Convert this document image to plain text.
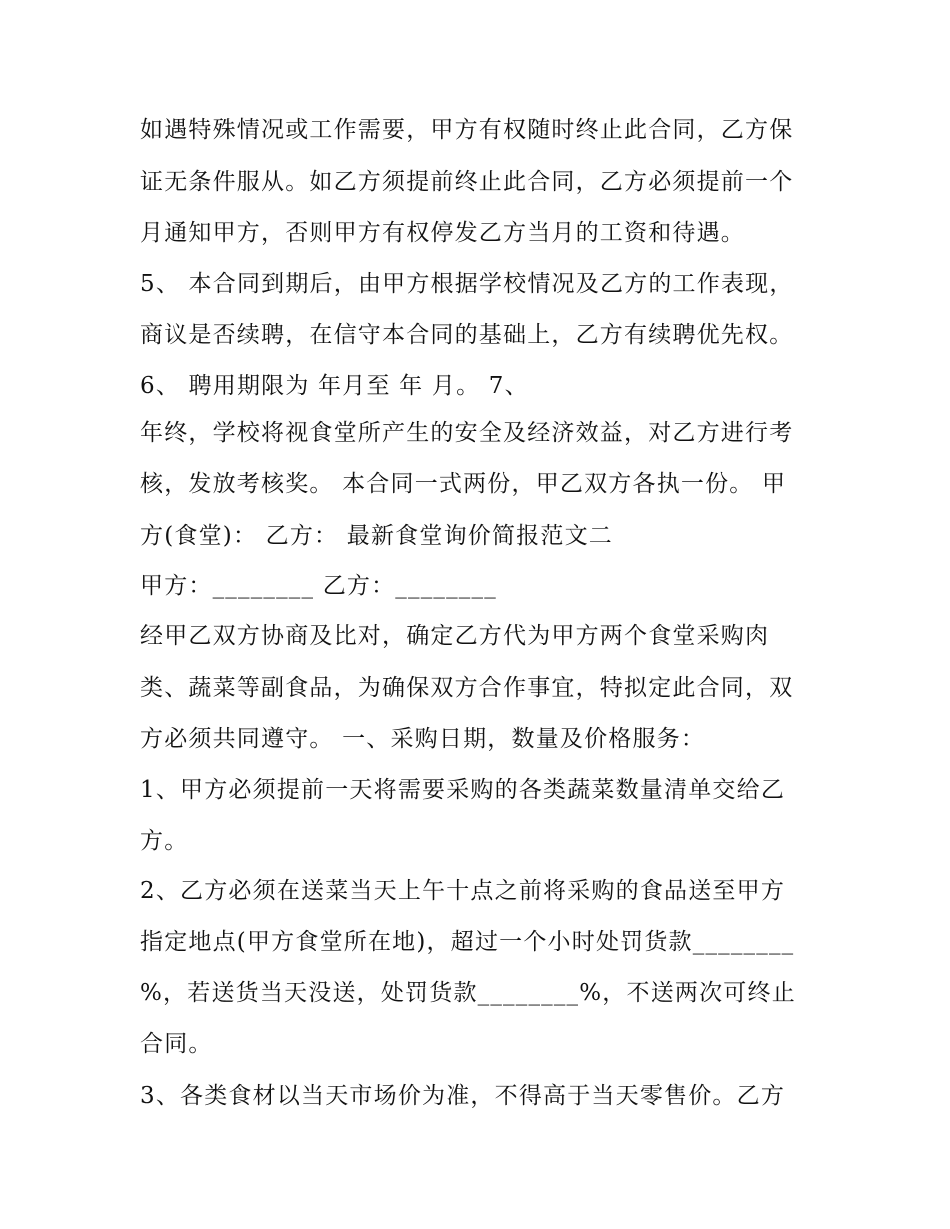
如遇特殊情况或工作需要，甲方有权随时终止此合同，乙方保
证无条件服从。如乙方须提前终止此合同，乙方必须提前一个
月通知甲方，否则甲方有权停发乙方当月的工资和待遇。
5、 本合同到期后，由甲方根据学校情况及乙方的工作表现，
商议是否续聘，在信守本合同的基础上，乙方有续聘优先权。
6、 聘用期限为 年月至 年 月。 7、
年终，学校将视食堂所产生的安全及经济效益，对乙方进行考
核，发放考核奖。 本合同一式两份，甲乙双方各执一份。 甲
方(食堂)： 乙方： 最新食堂询价简报范文二
甲方：________ 乙方：________
经甲乙双方协商及比对，确定乙方代为甲方两个食堂采购肉
类、蔬菜等副食品，为确保双方合作事宜，特拟定此合同，双
方必须共同遵守。 一、采购日期，数量及价格服务：
1、甲方必须提前一天将需要采购的各类蔬菜数量清单交给乙
方。
2、乙方必须在送菜当天上午十点之前将采购的食品送至甲方
指定地点(甲方食堂所在地)，超过一个小时处罚货款________
%，若送货当天没送，处罚货款________%，不送两次可终止
合同。
3、各类食材以当天市场价为准，不得高于当天零售价。乙方
